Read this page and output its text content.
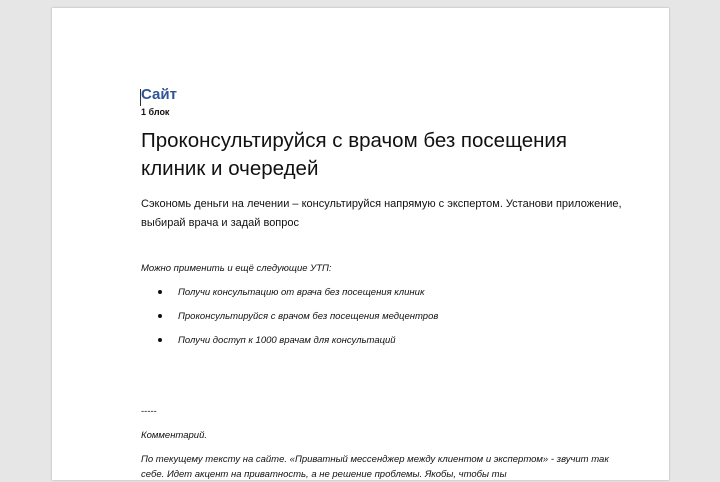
Сайт

1 блок

Проконсультируйся с врачом без посещения клиник и очередей

Сэкономь деньги на лечении – консультируйся напрямую с экспертом. Установи приложение, выбирай врача и задай вопрос

Можно применить и ещё следующие УТП:

Получи консультацию от врача без посещения клиник
Проконсультируйся с врачом без посещения медцентров
Получи доступ к 1000 врачам для консультаций

-----

Комментарий.

По текущему тексту на сайте. «Приватный мессенджер между клиентом и экспертом» - звучит так себе. Идет акцент на приватность, а не решение проблемы. Якобы, чтобы ты
